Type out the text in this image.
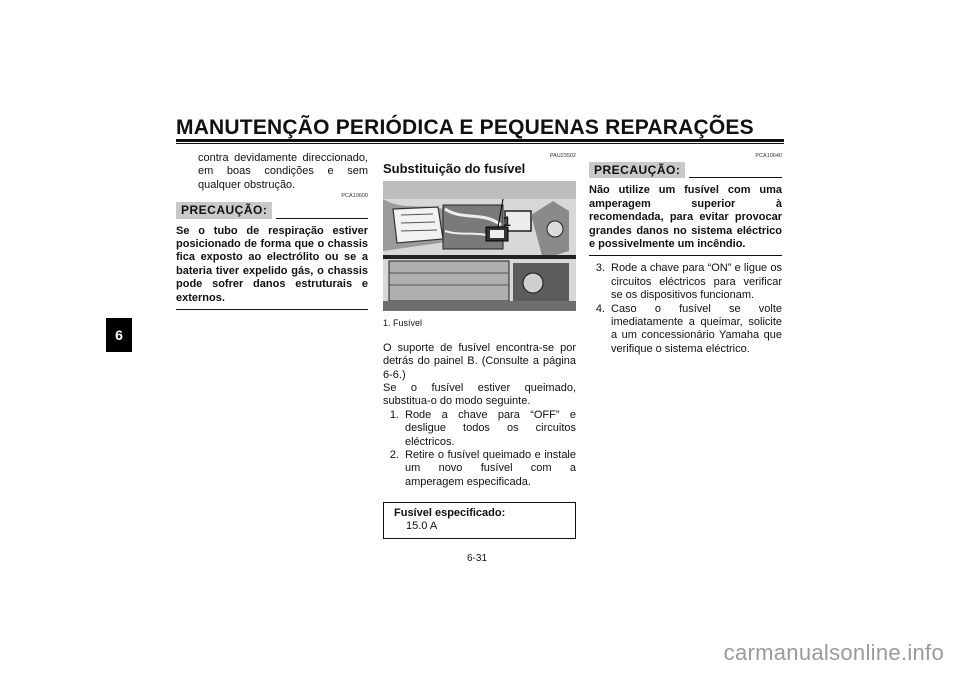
MANUTENÇÃO PERIÓDICA E PEQUENAS REPARAÇÕES
6
contra devidamente direccionado, em boas condições e sem qualquer obstrução.
PCA10600
PRECAUÇÃO:
Se o tubo de respiração estiver posicionado de forma que o chassis fica exposto ao electrólito ou se a bateria tiver expelido gás, o chassis pode sofrer danos estruturais e externos.
PAU23502
Substituição do fusível
1
1. Fusível
O suporte de fusível encontra-se por detrás do painel B. (Consulte a página 6-6.)
Se o fusível estiver queimado, substitua-o do modo seguinte.
1. Rode a chave para “OFF” e desligue todos os circuitos eléctricos.
2. Retire o fusível queimado e instale um novo fusível com a amperagem especificada.
Fusível especificado:
15.0 A
PCA10640
PRECAUÇÃO:
Não utilize um fusível com uma amperagem superior à recomendada, para evitar provocar grandes danos no sistema eléctrico e possivelmente um incêndio.
3. Rode a chave para “ON” e ligue os circuitos eléctricos para verificar se os dispositivos funcionam.
4. Caso o fusível se volte imediatamente a queimar, solicite a um concessionário Yamaha que verifique o sistema eléctrico.
6-31
carmanualsonline.info
